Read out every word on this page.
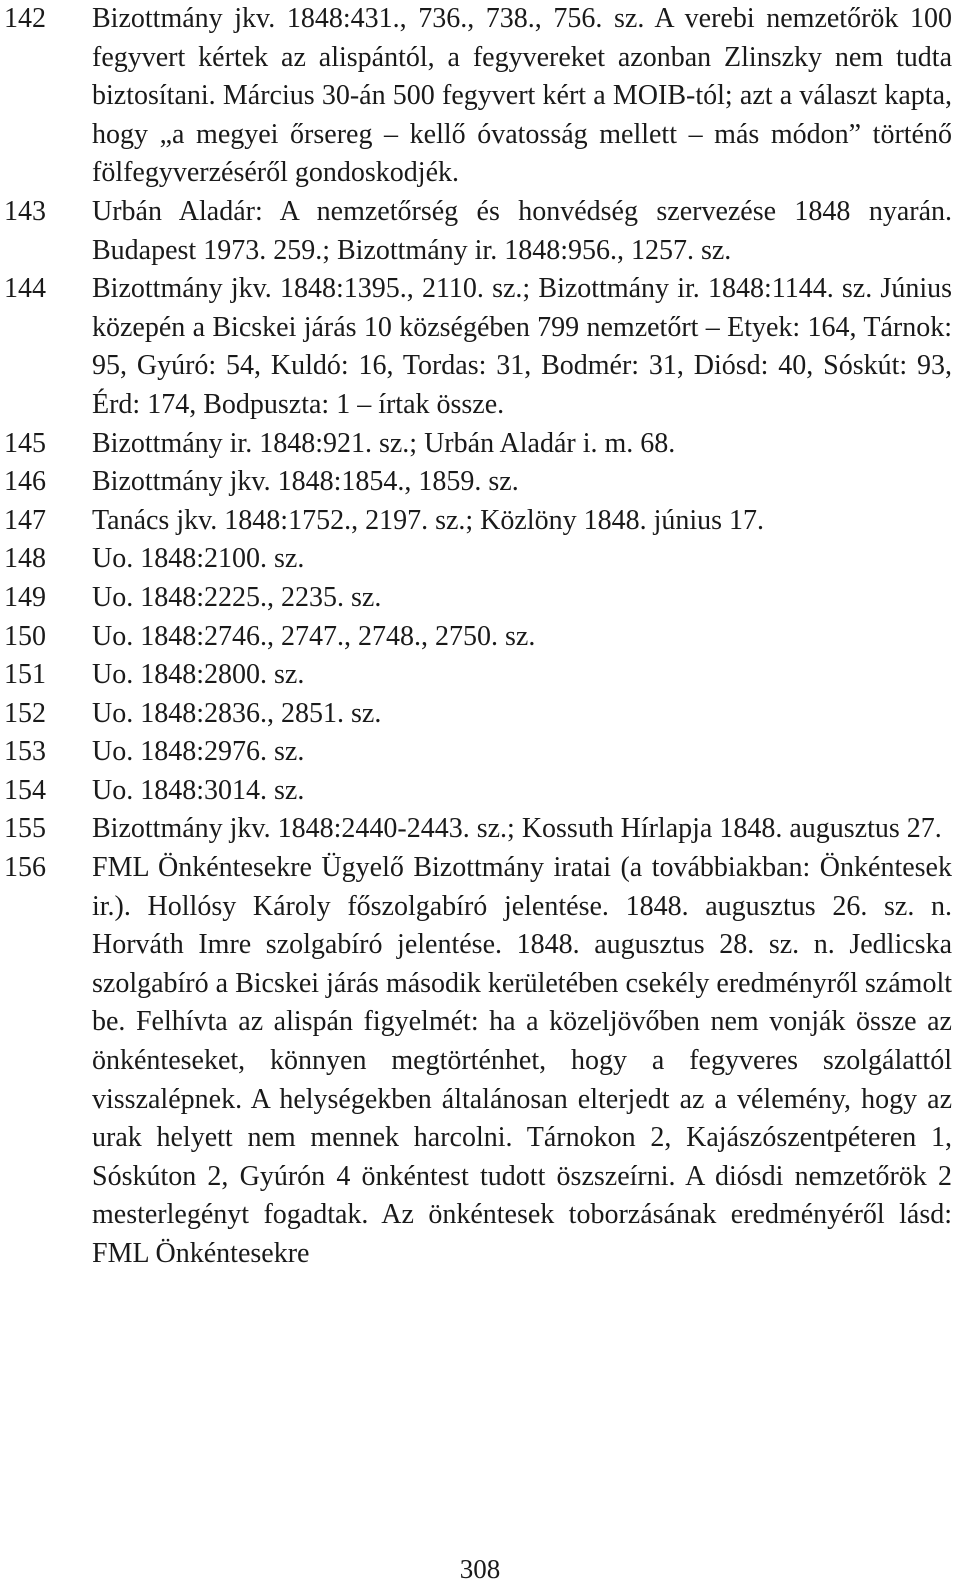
142	Bizottmány jkv. 1848:431., 736., 738., 756. sz. A verebi nemzetőrök 100 fegyvert kértek az alispántól, a fegyvereket azonban Zlinszky nem tudta biztosítani. Március 30-án 500 fegyvert kért a MOIB-tól; azt a választ kapta, hogy „a megyei őrsereg – kellő óvatosság mellett – más módon” történő fölfegyverzéséről gondoskodjék.
143	Urbán Aladár: A nemzetőrség és honvédség szervezése 1848 nyarán. Budapest 1973. 259.; Bizottmány ir. 1848:956., 1257. sz.
144	Bizottmány jkv. 1848:1395., 2110. sz.; Bizottmány ir. 1848:1144. sz. Június közepén a Bicskei járás 10 községében 799 nemzetőrt – Etyek: 164, Tárnok: 95, Gyúró: 54, Kuldó: 16, Tordas: 31, Bodmér: 31, Diósd: 40, Sóskút: 93, Érd: 174, Bodpuszta: 1 – írtak össze.
145	Bizottmány ir. 1848:921. sz.; Urbán Aladár i. m. 68.
146	Bizottmány jkv. 1848:1854., 1859. sz.
147	Tanács jkv. 1848:1752., 2197. sz.; Közlöny 1848. június 17.
148	Uo. 1848:2100. sz.
149	Uo. 1848:2225., 2235. sz.
150	Uo. 1848:2746., 2747., 2748., 2750. sz.
151	Uo. 1848:2800. sz.
152	Uo. 1848:2836., 2851. sz.
153	Uo. 1848:2976. sz.
154	Uo. 1848:3014. sz.
155	Bizottmány jkv. 1848:2440-2443. sz.; Kossuth Hírlapja 1848. augusztus 27.
156	FML Önkéntesekre Ügyelő Bizottmány iratai (a továbbiakban: Önkéntesek ir.). Hollósy Károly főszolgabíró jelentése. 1848. augusztus 26. sz. n. Horváth Imre szolgabíró jelentése. 1848. augusztus 28. sz. n. Jedlicska szolgabíró a Bicskei járás második kerületében csekély eredményről számolt be. Felhívta az alispán figyelmét: ha a közeljövőben nem vonják össze az önkénteseket, könnyen megtörténhet, hogy a fegyveres szolgálattól visszalépnek. A helységekben általánosan elterjedt az a vélemény, hogy az urak helyett nem mennek harcolni. Tárnokon 2, Kajászószentpéteren 1, Sóskúton 2, Gyúrón 4 önkéntest tudott öszszeírni. A diósdi nemzetőrök 2 mesterlegényt fogadtak. Az önkéntesek toborzásának eredményéről lásd: FML Önkéntesekre
308
